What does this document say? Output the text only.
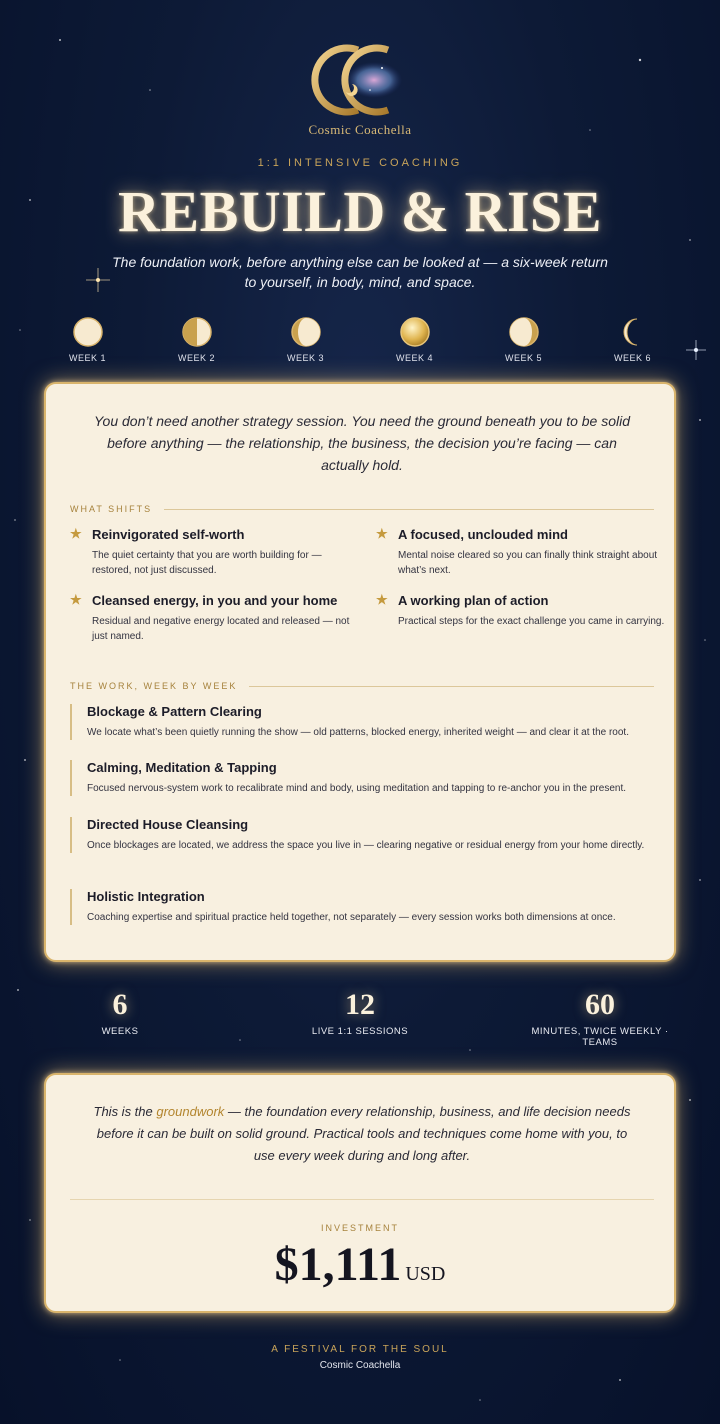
Cosmic Coachella
1:1 INTENSIVE COACHING
REBUILD & RISE

The foundation work, before anything else can be looked at — a six-week return to yourself, in body, mind, and space.

WEEK 1	WEEK 2	WEEK 3	WEEK 4	WEEK 5	WEEK 6

You don’t need another strategy session. You need the ground beneath you to be solid before anything — the relationship, the business, the decision you’re facing — can actually hold.

WHAT SHIFTS
★ Reinvigorated self-worth
The quiet certainty that you are worth building for — restored, not just discussed.
★ A focused, unclouded mind
Mental noise cleared so you can finally think straight about what’s next.
★ Cleansed energy, in you and your home
Residual and negative energy located and released — not just named.
★ A working plan of action
Practical steps for the exact challenge you came in carrying.
THE WORK, WEEK BY WEEK
Blockage & Pattern Clearing
We locate what’s been quietly running the show — old patterns, blocked energy, inherited weight — and clear it at the root.
Calming, Meditation & Tapping
Focused nervous-system work to recalibrate mind and body, using meditation and tapping to re-anchor you in the present.
Directed House Cleansing
Once blockages are located, we address the space you live in — clearing negative or residual energy from your home directly.
Holistic Integration
Coaching expertise and spiritual practice held together, not separately — every session works both dimensions at once.
6
WEEKS
12
LIVE 1:1 SESSIONS
60
MINUTES, TWICE WEEKLY · TEAMS

This is the groundwork — the foundation every relationship, business, and life decision needs before it can be built on solid ground. Practical tools and techniques come home with you, to use every week during and long after.

INVESTMENT
$1,111 USD
A FESTIVAL FOR THE SOUL
Cosmic Coachella
